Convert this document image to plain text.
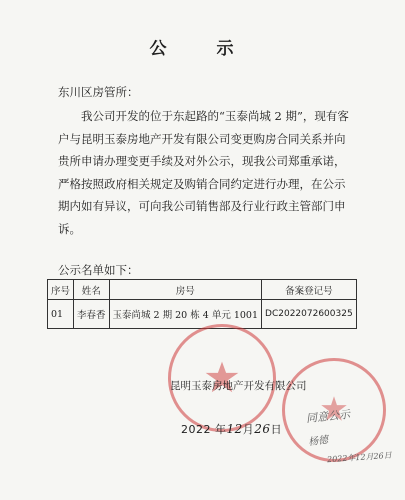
公 示
东川区房管所：

我公司开发的位于东起路的“玉泰尚城 2 期”，现有客户与昆明玉泰房地产开发有限公司变更购房合同关系并向贵所申请办理变更手续及对外公示，现我公司郑重承诺，严格按照政府相关规定及购销合同约定进行办理，在公示期内如有异议，可向我公司销售部及行业行政主管部门申诉。

公示名单如下：
序号	姓名	房号	备案登记号
01	李春香	玉泰尚城 2 期 20 栋 4 单元 1001	DC2022072600325
昆明玉泰房地产开发有限公司
2022 年12月26日
同意公示
杨德
2022年12月26日
